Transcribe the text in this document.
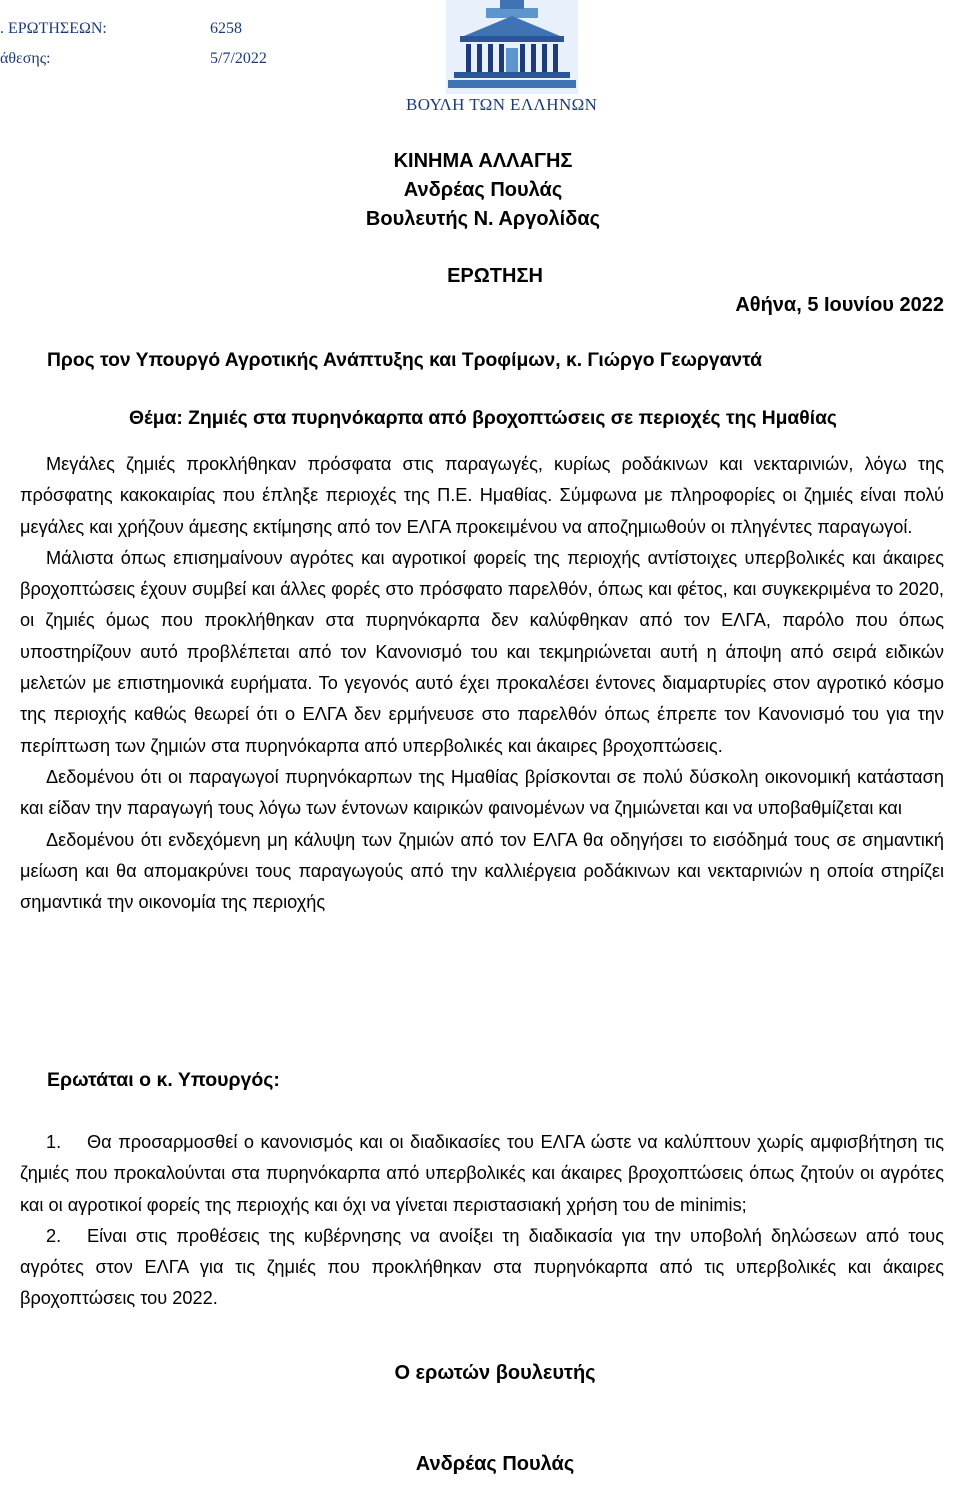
. ΕΡΩΤΗΣΕΩΝ:	6258
άθεσης:	5/7/2022
ΒΟΥΛΗ ΤΩΝ ΕΛΛΗΝΩΝ
ΚΙΝΗΜΑ ΑΛΛΑΓΗΣ
Ανδρέας Πουλάς
Βουλευτής Ν. Αργολίδας
ΕΡΩΤΗΣΗ
Αθήνα, 5 Ιουνίου 2022
Προς τον Υπουργό Αγροτικής Ανάπτυξης και Τροφίμων, κ. Γιώργο Γεωργαντά
Θέμα: Ζημιές στα πυρηνόκαρπα από βροχοπτώσεις σε περιοχές της Ημαθίας

Μεγάλες ζημιές προκλήθηκαν πρόσφατα στις παραγωγές, κυρίως ροδάκινων και νεκταρινιών, λόγω της πρόσφατης κακοκαιρίας που έπληξε περιοχές της Π.Ε. Ημαθίας. Σύμφωνα με πληροφορίες οι ζημιές είναι πολύ μεγάλες και χρήζουν άμεσης εκτίμησης από τον ΕΛΓΑ προκειμένου να αποζημιωθούν οι πληγέντες παραγωγοί.

Μάλιστα όπως επισημαίνουν αγρότες και αγροτικοί φορείς της περιοχής αντίστοιχες υπερβολικές και άκαιρες βροχοπτώσεις έχουν συμβεί και άλλες φορές στο πρόσφατο παρελθόν, όπως και φέτος, και συγκεκριμένα το 2020, οι ζημιές όμως που προκλήθηκαν στα πυρηνόκαρπα δεν καλύφθηκαν από τον ΕΛΓΑ, παρόλο που όπως υποστηρίζουν αυτό προβλέπεται από τον Κανονισμό του και τεκμηριώνεται αυτή η άποψη από σειρά ειδικών μελετών με επιστημονικά ευρήματα. Το γεγονός αυτό έχει προκαλέσει έντονες διαμαρτυρίες στον αγροτικό κόσμο της περιοχής καθώς θεωρεί ότι ο ΕΛΓΑ δεν ερμήνευσε στο παρελθόν όπως έπρεπε τον Κανονισμό του για την περίπτωση των ζημιών στα πυρηνόκαρπα από υπερβολικές και άκαιρες βροχοπτώσεις.

Δεδομένου ότι οι παραγωγοί πυρηνόκαρπων της Ημαθίας βρίσκονται σε πολύ δύσκολη οικονομική κατάσταση και είδαν την παραγωγή τους λόγω των έντονων καιρικών φαινομένων να ζημιώνεται και να υποβαθμίζεται και

Δεδομένου ότι ενδεχόμενη μη κάλυψη των ζημιών από τον ΕΛΓΑ θα οδηγήσει το εισόδημά τους σε σημαντική μείωση και θα απομακρύνει τους παραγωγούς από την καλλιέργεια ροδάκινων και νεκταρινιών η οποία στηρίζει σημαντικά την οικονομία της περιοχής

Ερωτάται ο κ. Υπουργός:

1. Θα προσαρμοσθεί ο κανονισμός και οι διαδικασίες του ΕΛΓΑ ώστε να καλύπτουν χωρίς αμφισβήτηση τις ζημιές που προκαλούνται στα πυρηνόκαρπα από υπερβολικές και άκαιρες βροχοπτώσεις όπως ζητούν οι αγρότες και οι αγροτικοί φορείς της περιοχής και όχι να γίνεται περιστασιακή χρήση του de minimis;

2. Είναι στις προθέσεις της κυβέρνησης να ανοίξει τη διαδικασία για την υποβολή δηλώσεων από τους αγρότες στον ΕΛΓΑ για τις ζημιές που προκλήθηκαν στα πυρηνόκαρπα από τις υπερβολικές και άκαιρες βροχοπτώσεις του 2022.

Ο ερωτών βουλευτής
Ανδρέας Πουλάς
